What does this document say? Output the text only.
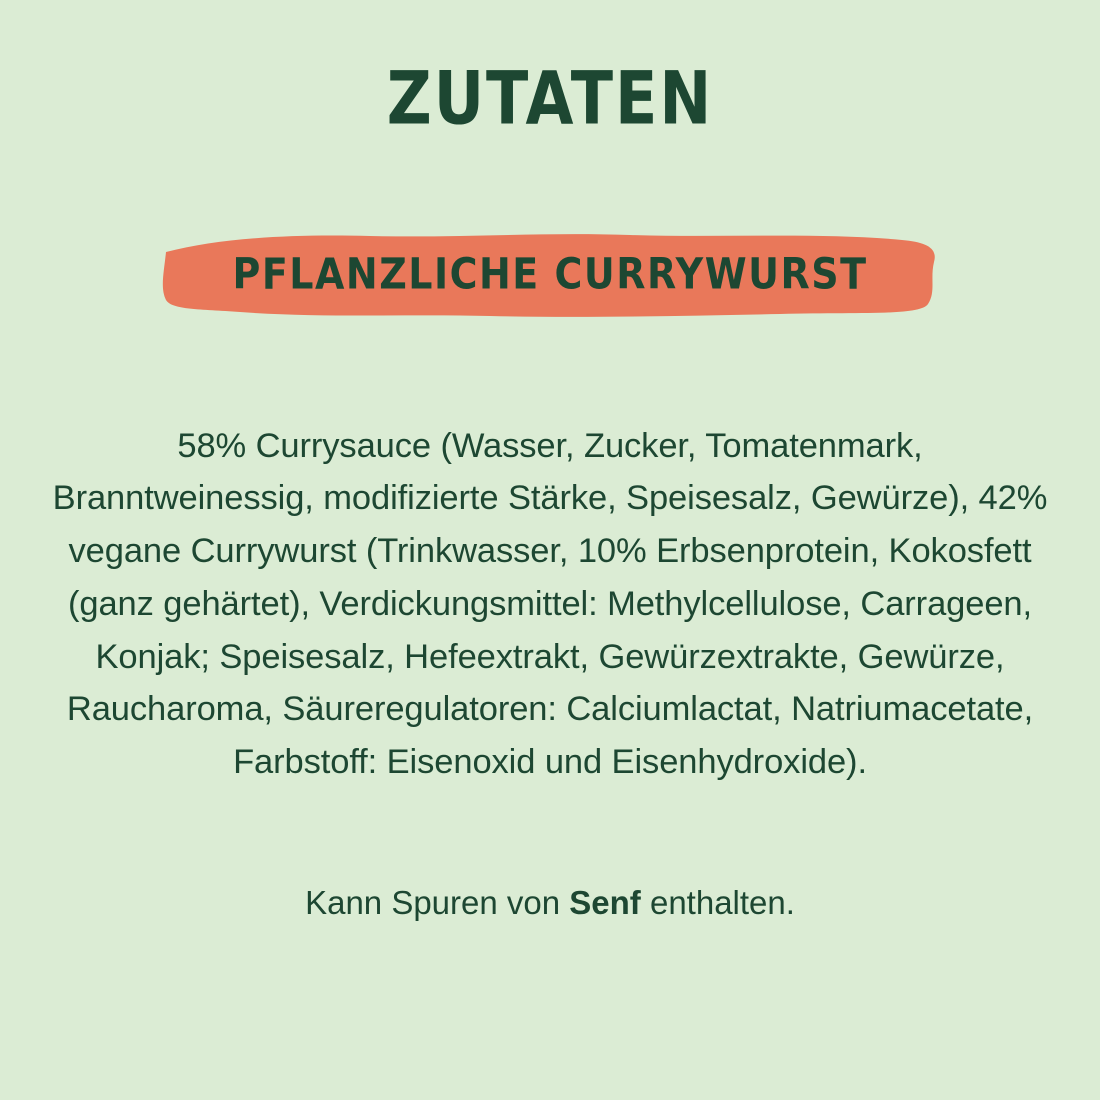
ZUTATEN
PFLANZLICHE CURRYWURST

58% Currysauce (Wasser, Zucker, Tomatenmark, Branntweinessig, modifizierte Stärke, Speisesalz, Gewürze), 42% vegane Currywurst (Trinkwasser, 10% Erbsenprotein, Kokosfett (ganz gehärtet), Verdickungsmittel: Methylcellulose, Carrageen, Konjak; Speisesalz, Hefeextrakt, Gewürzextrakte, Gewürze, Raucharoma, Säureregulatoren: Calciumlactat, Natriumacetate, Farbstoff: Eisenoxid und Eisenhydroxide).

Kann Spuren von Senf enthalten.
